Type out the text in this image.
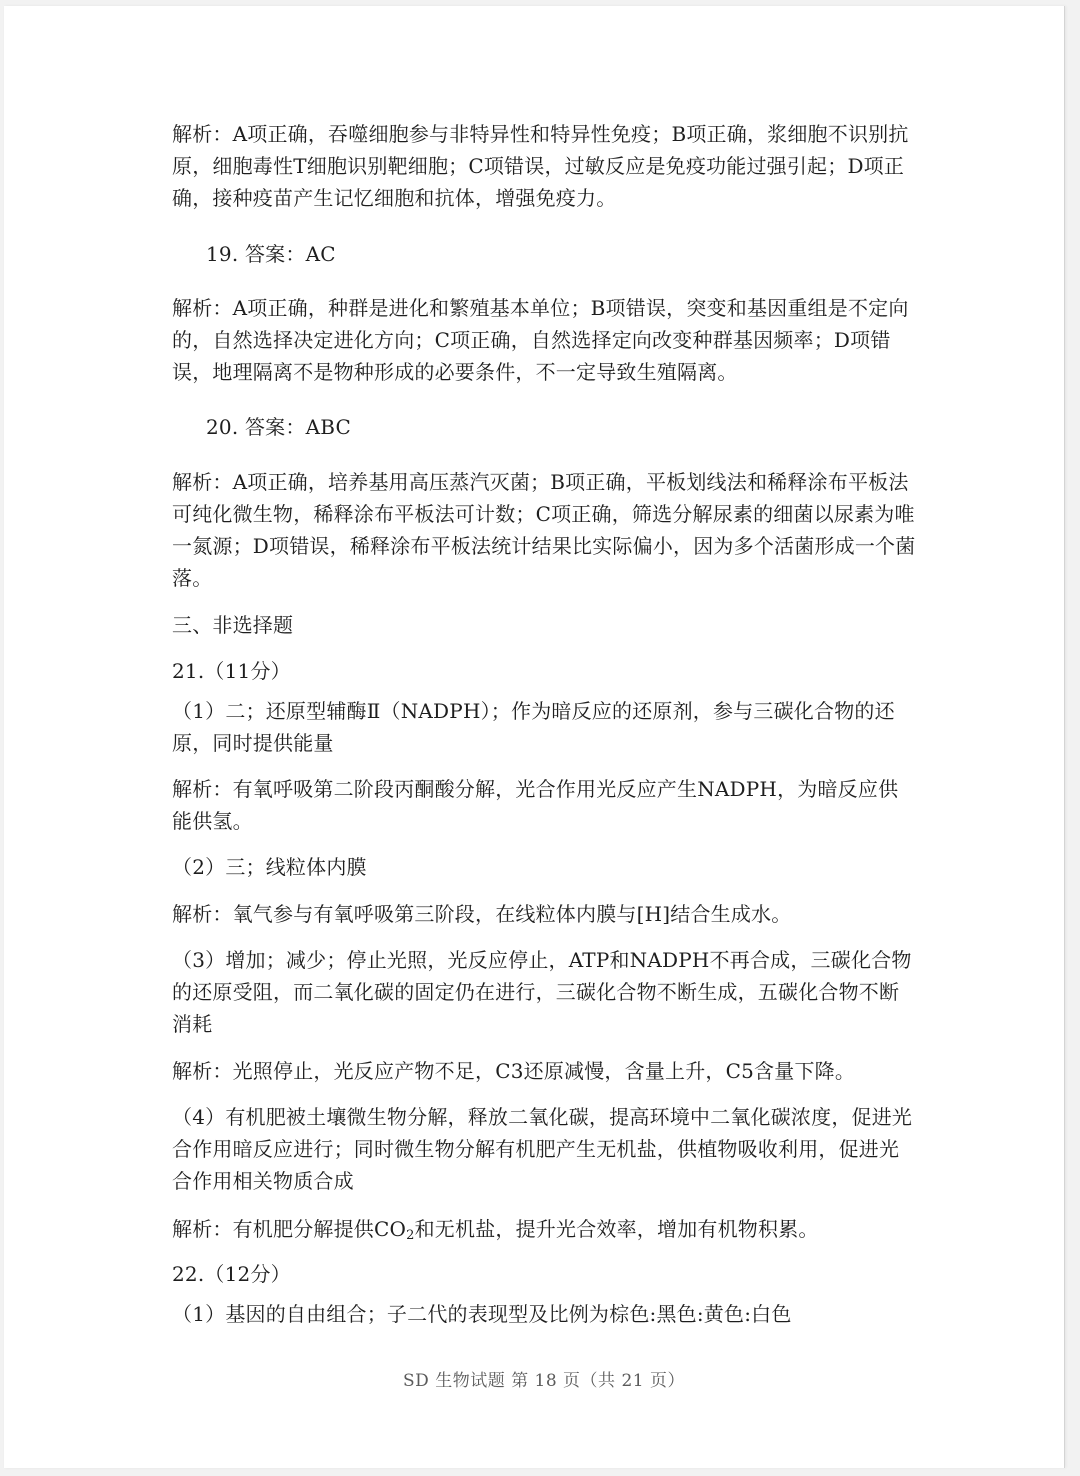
解析：A项正确，吞噬细胞参与非特异性和特异性免疫；B项正确，浆细胞不识别抗原，细胞毒性T细胞识别靶细胞；C项错误，过敏反应是免疫功能过强引起；D项正确，接种疫苗产生记忆细胞和抗体，增强免疫力。
19. 答案：AC
解析：A项正确，种群是进化和繁殖基本单位；B项错误，突变和基因重组是不定向的，自然选择决定进化方向；C项正确，自然选择定向改变种群基因频率；D项错误，地理隔离不是物种形成的必要条件，不一定导致生殖隔离。
20. 答案：ABC
解析：A项正确，培养基用高压蒸汽灭菌；B项正确，平板划线法和稀释涂布平板法可纯化微生物，稀释涂布平板法可计数；C项正确，筛选分解尿素的细菌以尿素为唯一氮源；D项错误，稀释涂布平板法统计结果比实际偏小，因为多个活菌形成一个菌落。
三、非选择题
21.（11分）
（1）二；还原型辅酶Ⅱ（NADPH）；作为暗反应的还原剂，参与三碳化合物的还原，同时提供能量
解析：有氧呼吸第二阶段丙酮酸分解，光合作用光反应产生NADPH，为暗反应供能供氢。
（2）三；线粒体内膜
解析：氧气参与有氧呼吸第三阶段，在线粒体内膜与[H]结合生成水。
（3）增加；减少；停止光照，光反应停止，ATP和NADPH不再合成，三碳化合物的还原受阻，而二氧化碳的固定仍在进行，三碳化合物不断生成，五碳化合物不断消耗
解析：光照停止，光反应产物不足，C3还原减慢，含量上升，C5含量下降。
（4）有机肥被土壤微生物分解，释放二氧化碳，提高环境中二氧化碳浓度，促进光合作用暗反应进行；同时微生物分解有机肥产生无机盐，供植物吸收利用，促进光合作用相关物质合成
解析：有机肥分解提供$CO_2$和无机盐，提升光合效率，增加有机物积累。
22.（12分）
（1）基因的自由组合；子二代的表现型及比例为棕色:黑色:黄色:白色
SD 生物试题 第 18 页（共 21 页）
